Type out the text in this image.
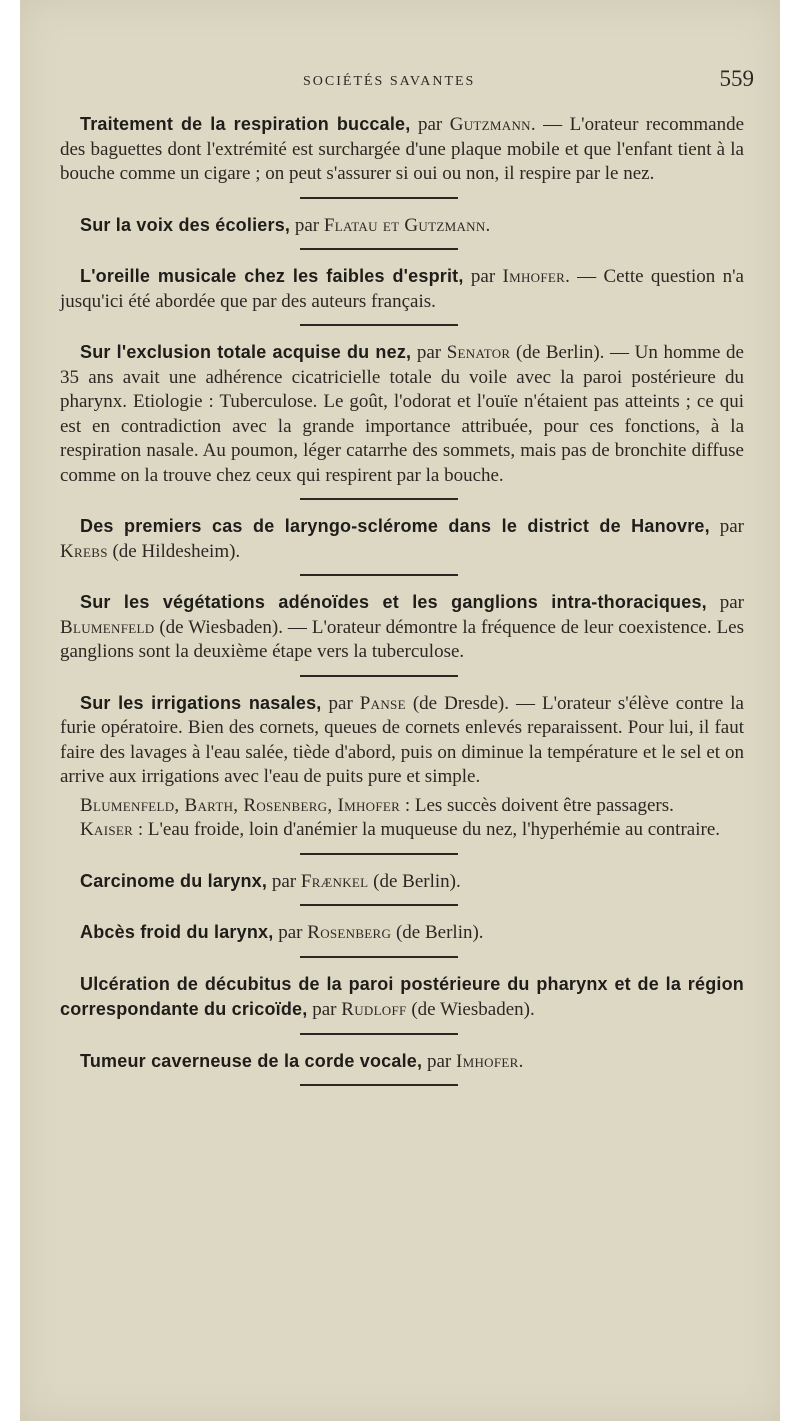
SOCIÉTÉS SAVANTES	559

Traitement de la respiration buccale, par Gutzmann. — L'orateur recommande des baguettes dont l'extrémité est surchargée d'une plaque mobile et que l'enfant tient à la bouche comme un cigare ; on peut s'assurer si oui ou non, il respire par le nez.

Sur la voix des écoliers, par Flatau et Gutzmann.

L'oreille musicale chez les faibles d'esprit, par Imhofer. — Cette question n'a jusqu'ici été abordée que par des auteurs français.

Sur l'exclusion totale acquise du nez, par Senator (de Berlin). — Un homme de 35 ans avait une adhérence cicatricielle totale du voile avec la paroi postérieure du pharynx. Etiologie : Tuberculose. Le goût, l'odorat et l'ouïe n'étaient pas atteints ; ce qui est en contradiction avec la grande importance attribuée, pour ces fonctions, à la respiration nasale. Au poumon, léger catarrhe des sommets, mais pas de bronchite diffuse comme on la trouve chez ceux qui respirent par la bouche.

Des premiers cas de laryngo-sclérome dans le district de Hanovre, par Krebs (de Hildesheim).

Sur les végétations adénoïdes et les ganglions intra-thoraciques, par Blumenfeld (de Wiesbaden). — L'orateur démontre la fréquence de leur coexistence. Les ganglions sont la deuxième étape vers la tuberculose.

Sur les irrigations nasales, par Panse (de Dresde). — L'orateur s'élève contre la furie opératoire. Bien des cornets, queues de cornets enlevés reparaissent. Pour lui, il faut faire des lavages à l'eau salée, tiède d'abord, puis on diminue la température et le sel et on arrive aux irrigations avec l'eau de puits pure et simple.

Blumenfeld, Barth, Rosenberg, Imhofer : Les succès doivent être passagers.

Kaiser : L'eau froide, loin d'anémier la muqueuse du nez, l'hyperhémie au contraire.

Carcinome du larynx, par Frænkel (de Berlin).

Abcès froid du larynx, par Rosenberg (de Berlin).

Ulcération de décubitus de la paroi postérieure du pharynx et de la région correspondante du cricoïde, par Rudloff (de Wiesbaden).

Tumeur caverneuse de la corde vocale, par Imhofer.
